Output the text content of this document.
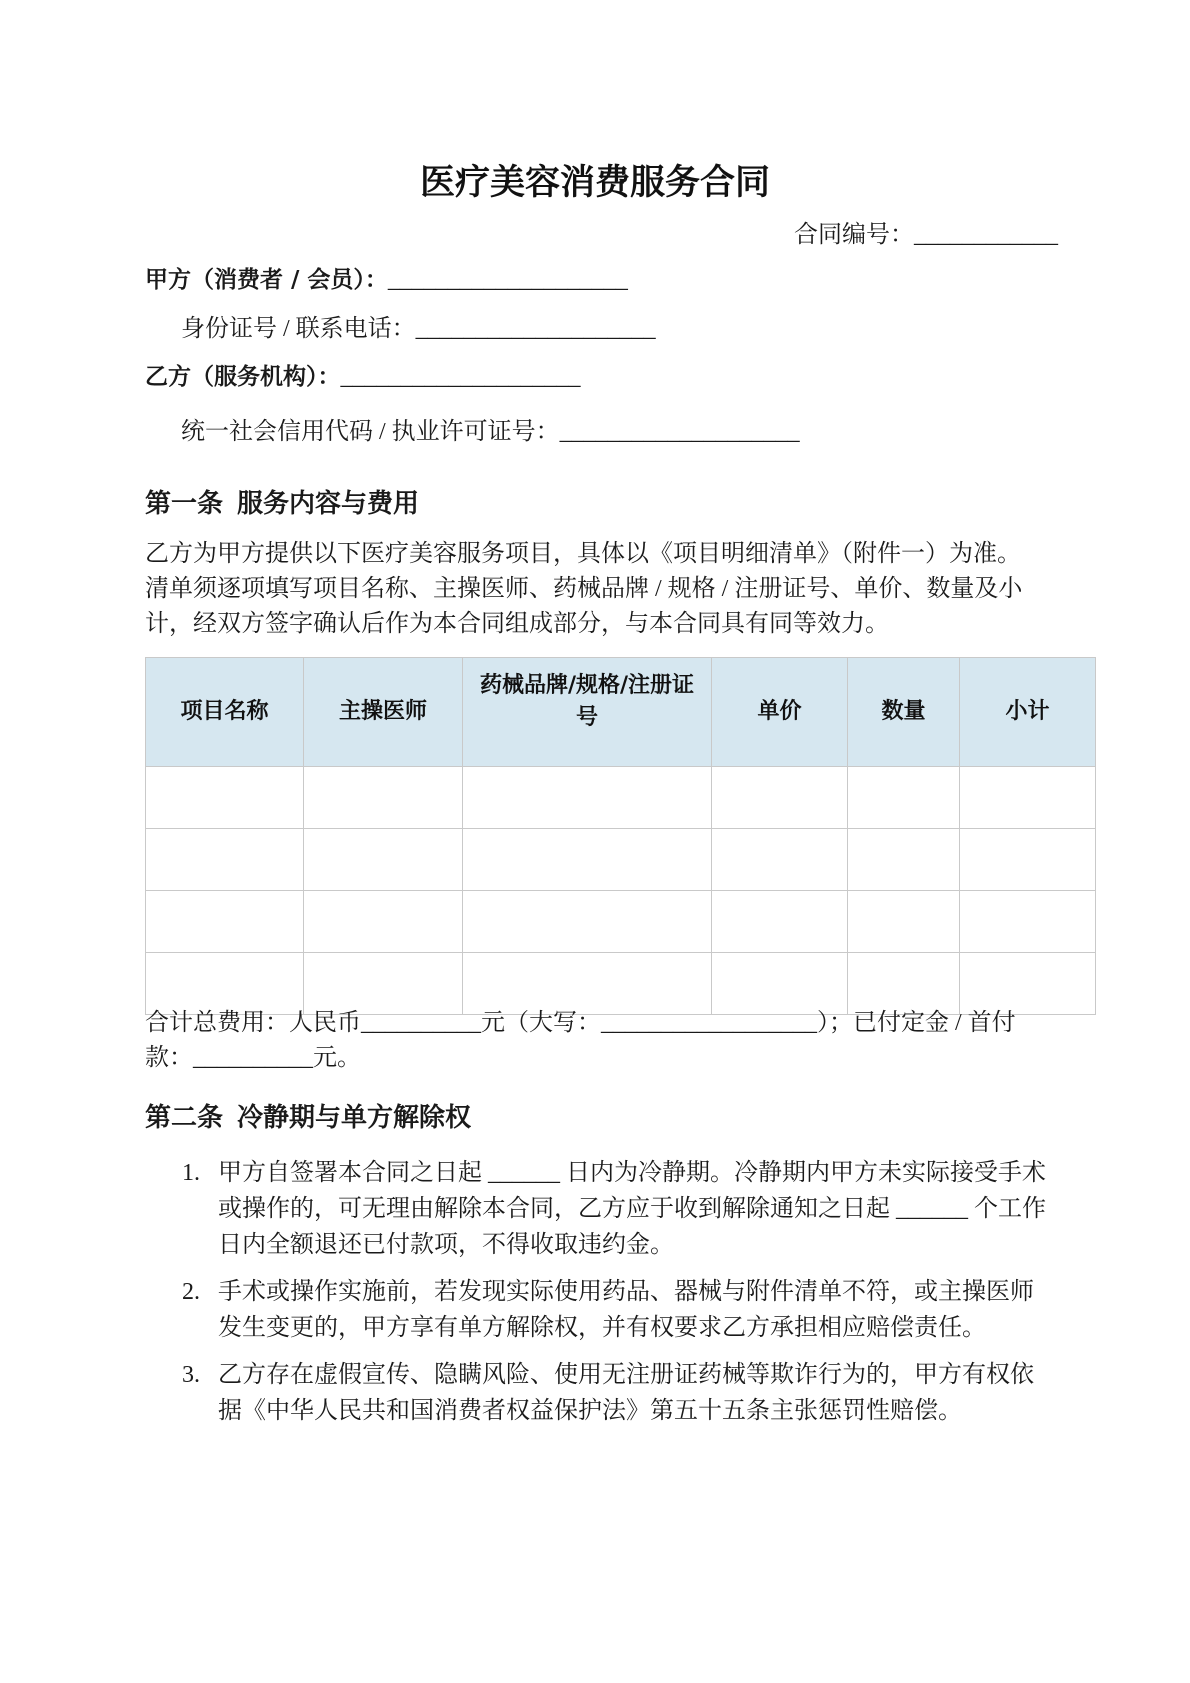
医疗美容消费服务合同
合同编号：____________
甲方（消费者 / 会员）：____________________
身份证号 / 联系电话：____________________
乙方（服务机构）：____________________
统一社会信用代码 / 执业许可证号：____________________
第一条 服务内容与费用
乙方为甲方提供以下医疗美容服务项目，具体以《项目明细清单》（附件一）为准。
清单须逐项填写项目名称、主操医师、药械品牌 / 规格 / 注册证号、单价、数量及小
计，经双方签字确认后作为本合同组成部分，与本合同具有同等效力。
项目名称	主操医师	药械品牌/规格/注册证号	单价	数量	小计

合计总费用：人民币__________元（大写：__________________）；已付定金 / 首付
款：__________元。
第二条 冷静期与单方解除权
1. 甲方自签署本合同之日起 ______ 日内为冷静期。冷静期内甲方未实际接受手术
或操作的，可无理由解除本合同，乙方应于收到解除通知之日起 ______ 个工作
日内全额退还已付款项，不得收取违约金。
2. 手术或操作实施前，若发现实际使用药品、器械与附件清单不符，或主操医师
发生变更的，甲方享有单方解除权，并有权要求乙方承担相应赔偿责任。
3. 乙方存在虚假宣传、隐瞒风险、使用无注册证药械等欺诈行为的，甲方有权依
据《中华人民共和国消费者权益保护法》第五十五条主张惩罚性赔偿。
